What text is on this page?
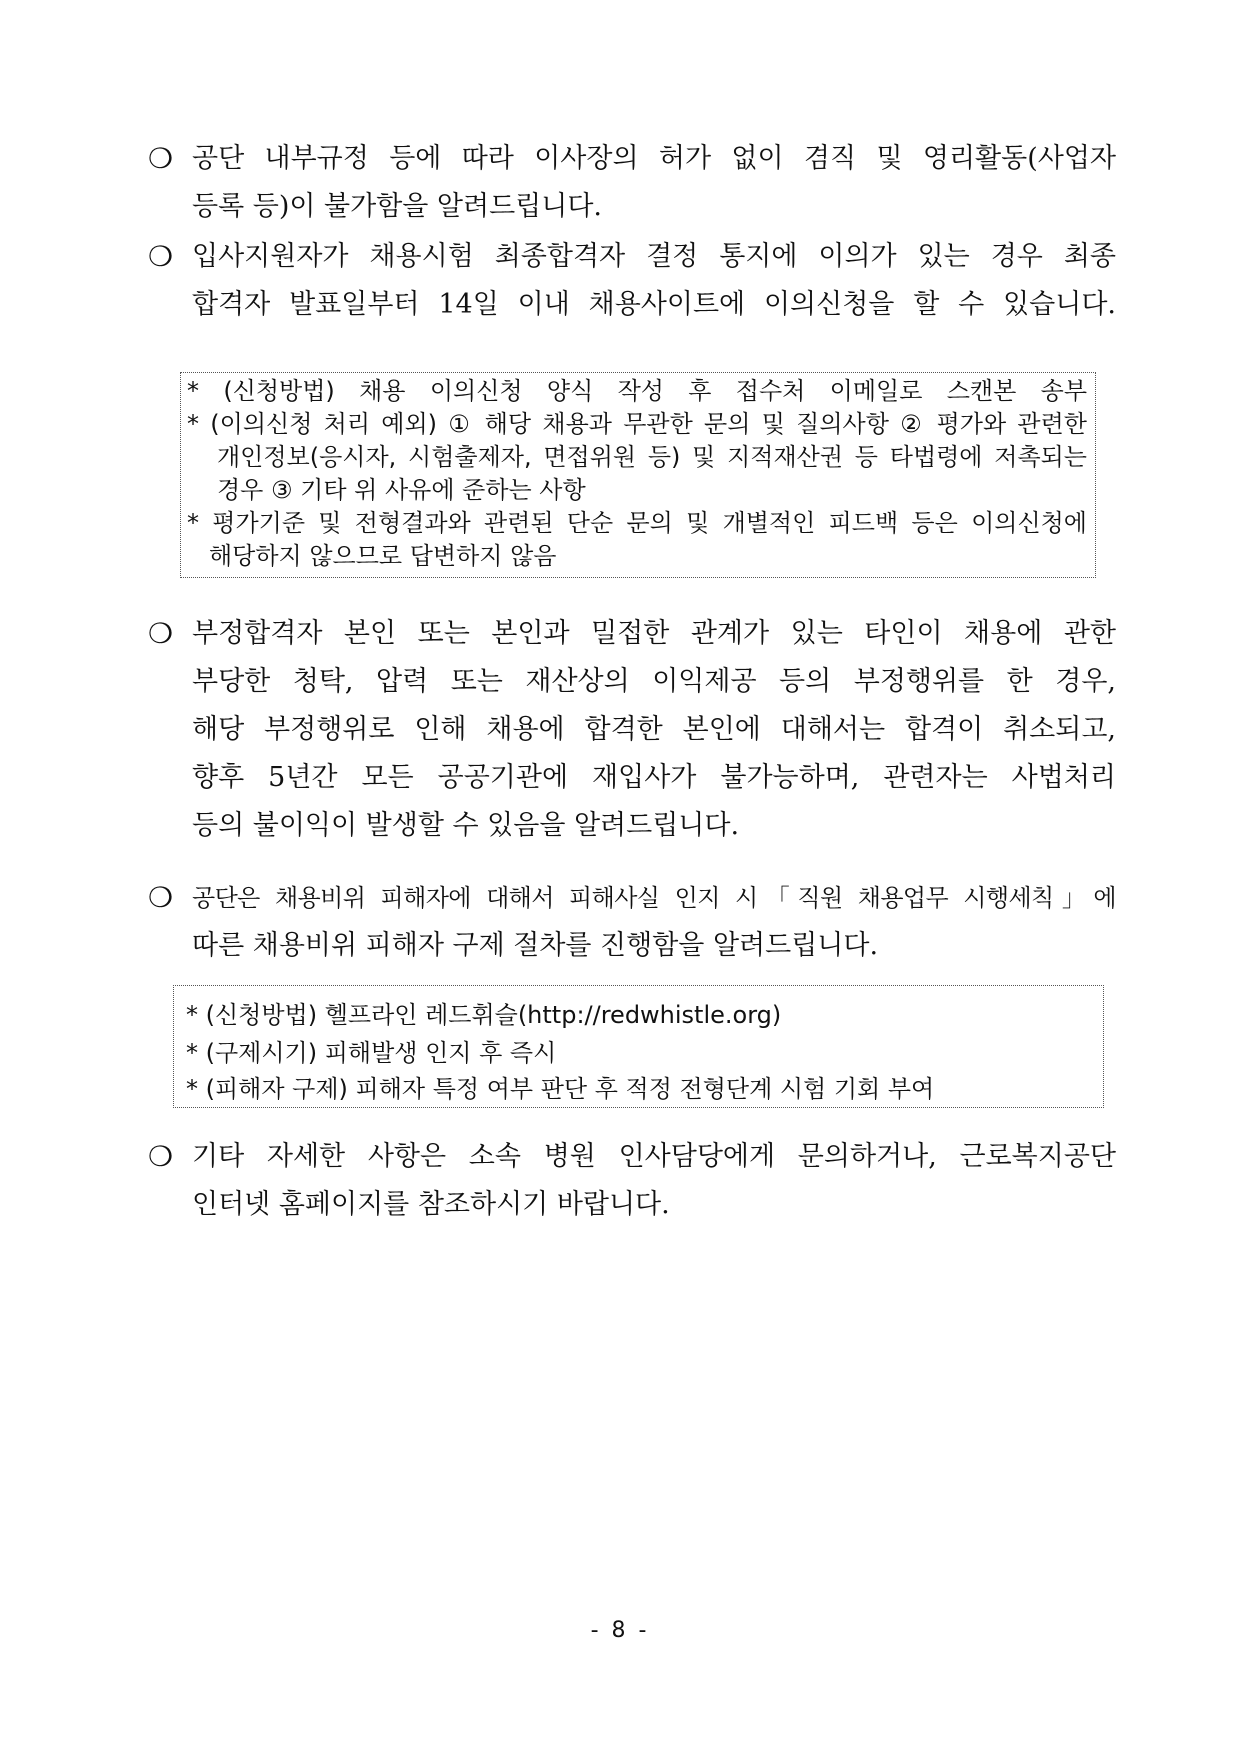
❍ 공단 내부규정 등에 따라 이사장의 허가 없이 겸직 및 영리활동(사업자
등록 등)이 불가함을 알려드립니다.
❍ 입사지원자가 채용시험 최종합격자 결정 통지에 이의가 있는 경우 최종
합격자 발표일부터 14일 이내 채용사이트에 이의신청을 할 수 있습니다.
* (신청방법) 채용 이의신청 양식 작성 후 접수처 이메일로 스캔본 송부
* (이의신청 처리 예외) ① 해당 채용과 무관한 문의 및 질의사항 ② 평가와 관련한
개인정보(응시자, 시험출제자, 면접위원 등) 및 지적재산권 등 타법령에 저촉되는
경우 ③ 기타 위 사유에 준하는 사항
* 평가기준 및 전형결과와 관련된 단순 문의 및 개별적인 피드백 등은 이의신청에
해당하지 않으므로 답변하지 않음
❍ 부정합격자 본인 또는 본인과 밀접한 관계가 있는 타인이 채용에 관한
부당한 청탁, 압력 또는 재산상의 이익제공 등의 부정행위를 한 경우,
해당 부정행위로 인해 채용에 합격한 본인에 대해서는 합격이 취소되고,
향후 5년간 모든 공공기관에 재입사가 불가능하며, 관련자는 사법처리
등의 불이익이 발생할 수 있음을 알려드립니다.
❍ 공단은 채용비위 피해자에 대해서 피해사실 인지 시「직원 채용업무 시행세칙」에
따른 채용비위 피해자 구제 절차를 진행함을 알려드립니다.
* (신청방법) 헬프라인 레드휘슬(http://redwhistle.org)
* (구제시기) 피해발생 인지 후 즉시
* (피해자 구제) 피해자 특정 여부 판단 후 적정 전형단계 시험 기회 부여
❍ 기타 자세한 사항은 소속 병원 인사담당에게 문의하거나, 근로복지공단
인터넷 홈페이지를 참조하시기 바랍니다.
- 8 -
